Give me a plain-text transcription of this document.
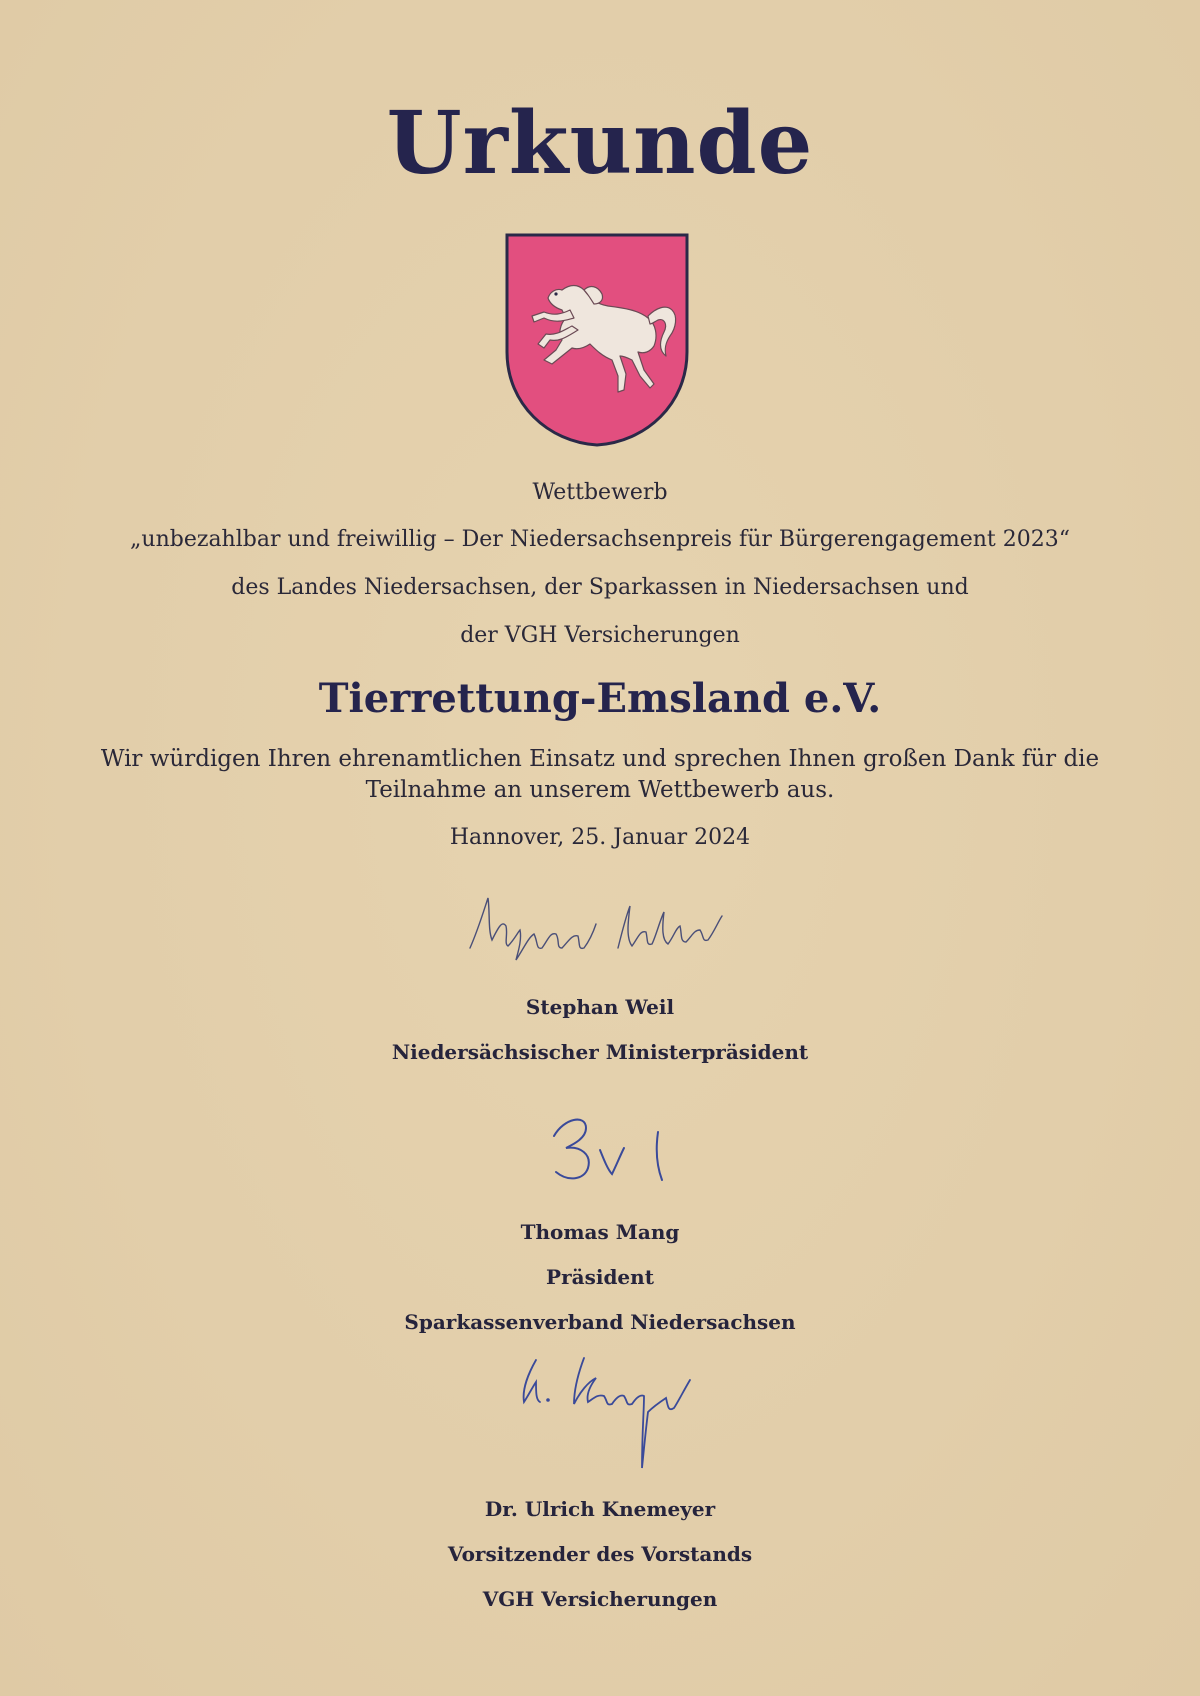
Urkunde
Wettbewerb
„unbezahlbar und freiwillig – Der Niedersachsenpreis für Bürgerengagement 2023“
des Landes Niedersachsen, der Sparkassen in Niedersachsen und
der VGH Versicherungen
Tierrettung-Emsland e.V.
Wir würdigen Ihren ehrenamtlichen Einsatz und sprechen Ihnen großen Dank für die
Teilnahme an unserem Wettbewerb aus.
Hannover, 25. Januar 2024
Stephan Weil
Niedersächsischer Ministerpräsident
Thomas Mang
Präsident
Sparkassenverband Niedersachsen
Dr. Ulrich Knemeyer
Vorsitzender des Vorstands
VGH Versicherungen
